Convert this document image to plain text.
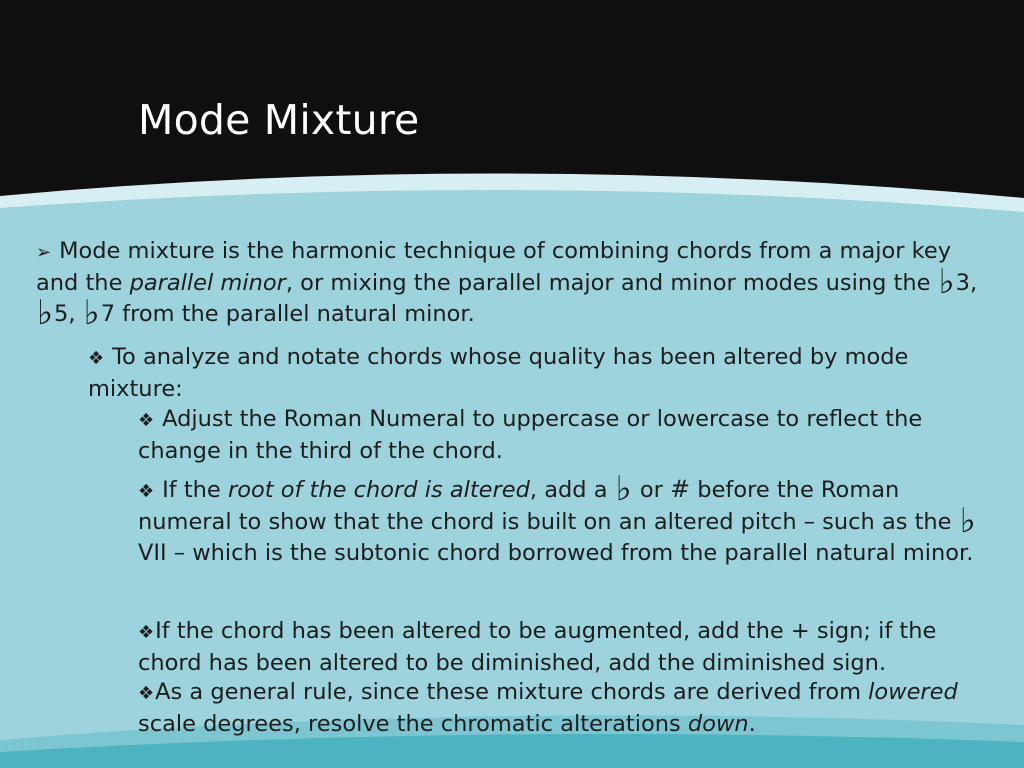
Mode Mixture

➢ Mode mixture is the harmonic technique of combining chords from a major key and the parallel minor, or mixing the parallel major and minor modes using the ♭3, ♭5, ♭7 from the parallel natural minor.

❖ To analyze and notate chords whose quality has been altered by mode mixture:

❖ Adjust the Roman Numeral to uppercase or lowercase to reflect the change in the third of the chord.

❖ If the root of the chord is altered, add a ♭ or # before the Roman numeral to show that the chord is built on an altered pitch – such as the ♭VII – which is the subtonic chord borrowed from the parallel natural minor.

❖If the chord has been altered to be augmented, add the + sign; if the chord has been altered to be diminished, add the diminished sign.

❖As a general rule, since these mixture chords are derived from lowered scale degrees, resolve the chromatic alterations down.
